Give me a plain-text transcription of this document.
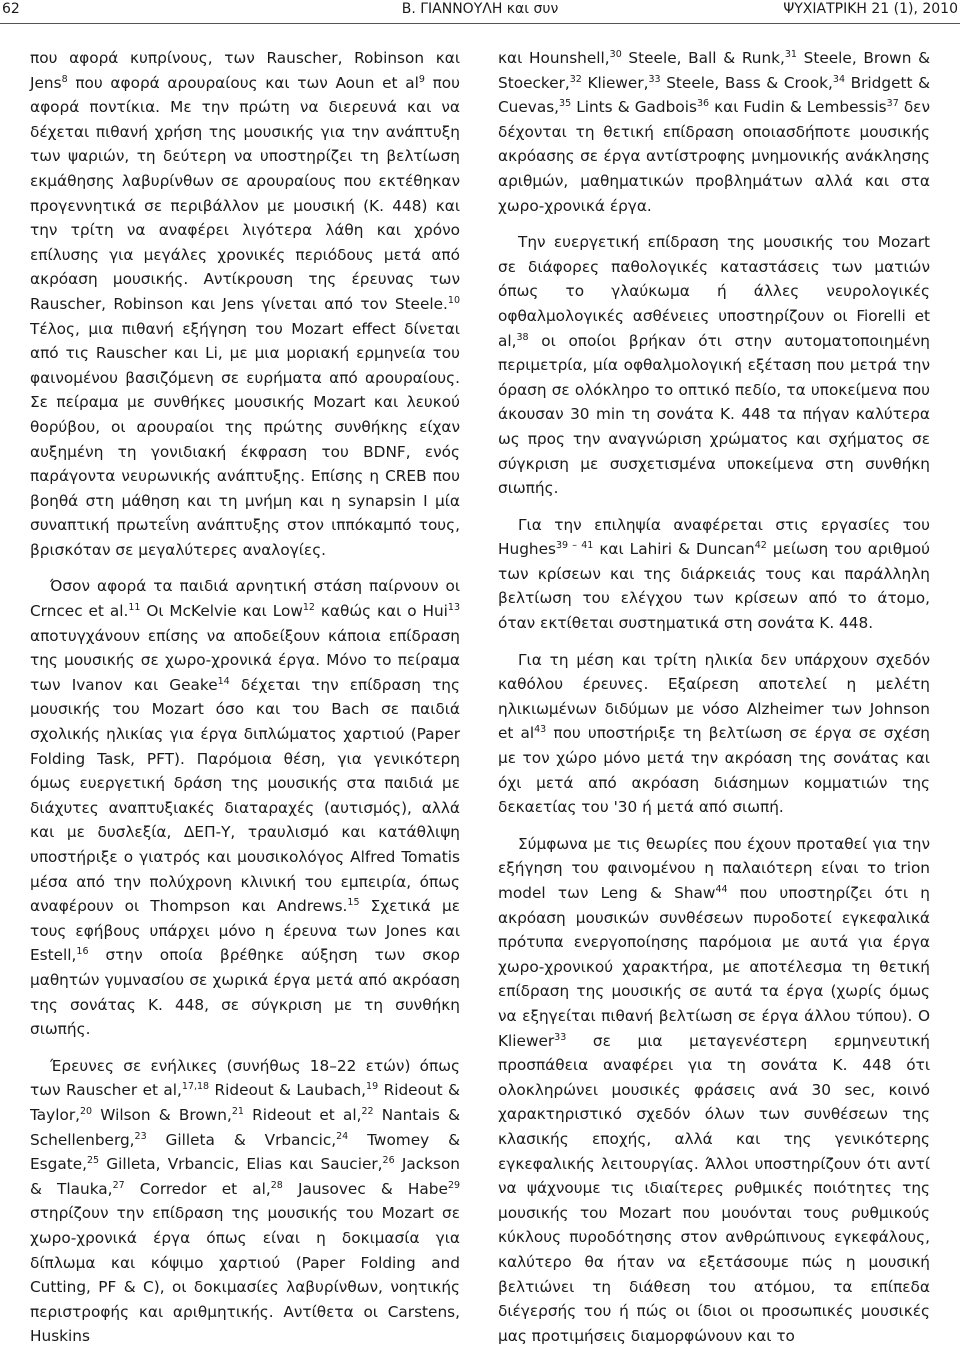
62	Β. ΓΙΑΝΝΟΥΛΗ και συν	ΨΥΧΙΑΤΡΙΚΗ 21 (1), 2010

που αφορά κυπρίνους, των Rauscher, Robinson και Jens$^8$ που αφορά αρουραίους και των Aoun et $al^9$ που αφορά ποντίκια. Με την πρώτη να διερευνά και να δέχεται πιθανή χρήση της μουσικής για την ανάπτυξη των ψαριών, τη δεύτερη να υποστηρίζει τη βελτίωση εκμάθησης λαβυρίνθων σε αρουραίους που εκτέθηκαν προγεννητικά σε περιβάλλον με μουσική (Κ. 448) και την τρίτη να αναφέρει λιγότερα λάθη και χρόνο επίλυσης για μεγάλες χρονικές περιόδους μετά από ακρόαση μουσικής. Αντίκρουση της έρευνας των Rauscher, Robinson και Jens γίνεται από τον Steele.$^{10}$ Τέλος, μια πιθανή εξήγηση του Mozart effect δίνεται από τις Rauscher και Li, με μια μοριακή ερμηνεία του φαινομένου βασιζόμενη σε ευρήματα από αρουραίους. Σε πείραμα με συνθήκες μουσικής Mozart και λευκού θορύβου, οι αρουραίοι της πρώτης συνθήκης είχαν αυξημένη τη γονιδιακή έκφραση του BDNF, ενός παράγοντα νευρωνικής ανάπτυξης. Επίσης η CREB που βοηθά στη μάθηση και τη μνήμη και η synapsin I μία συναπτική πρωτεΐνη ανάπτυξης στον ιππόκαμπό τους, βρισκόταν σε μεγαλύτερες αναλογίες.

Όσον αφορά τα παιδιά αρνητική στάση παίρνουν οι Crncec et al.$^{11}$ Οι McKelvie και Low$^{12}$ καθώς και ο Hui$^{13}$ αποτυγχάνουν επίσης να αποδείξουν κάποια επίδραση της μουσικής σε χωρο-χρονικά έργα. Μόνο το πείραμα των Ivanov και Geake$^{14}$ δέχεται την επίδραση της μουσικής του Mozart όσο και του Bach σε παιδιά σχολικής ηλικίας για έργα διπλώματος χαρτιού (Paper Folding Task, PFT). Παρόμοια θέση, για γενικότερη όμως ευεργετική δράση της μουσικής στα παιδιά με διάχυτες αναπτυξιακές διαταραχές (αυτισμός), αλλά και με δυσλεξία, ΔΕΠ-Υ, τραυλισμό και κατάθλιψη υποστήριξε ο γιατρός και μουσικολόγος Alfred Tomatis μέσα από την πολύχρονη κλινική του εμπειρία, όπως αναφέρουν οι Thompson και Andrews.$^{15}$ Σχετικά με τους εφήβους υπάρχει μόνο η έρευνα των Jones και Estell,$^{16}$ στην οποία βρέθηκε αύξηση των σκορ μαθητών γυμνασίου σε χωρικά έργα μετά από ακρόαση της σονάτας Κ. 448, σε σύγκριση με τη συνθήκη σιωπής.

Έρευνες σε ενήλικες (συνήθως 18–22 ετών) όπως των Rauscher et al,$^{17,18}$ Rideout & Laubach,$^{19}$ Rideout & Taylor,$^{20}$ Wilson & Brown,$^{21}$ Rideout et al,$^{22}$ Nantais & Schellenberg,$^{23}$ Gilleta & Vrbancic,$^{24}$ Twomey & Esgate,$^{25}$ Gilleta, Vrbancic, Elias και Saucier,$^{26}$ Jackson & Tlauka,$^{27}$ Corredor et al,$^{28}$ Jausovec & Habe$^{29}$ στηρίζουν την επίδραση της μουσικής του Mozart σε χωρο-χρονικά έργα όπως είναι η δοκιμασία για δίπλωμα και κόψιμο χαρτιού (Paper Folding and Cutting, PF & C), οι δοκιμασίες λαβυρίνθων, νοητικής περιστροφής και αριθμητικής. Αντίθετα οι Carstens, Huskins

και Hounshell,$^{30}$ Steele, Ball & Runk,$^{31}$ Steele, Brown & Stoecker,$^{32}$ Kliewer,$^{33}$ Steele, Bass & Crook,$^{34}$ Bridgett & Cuevas,$^{35}$ Lints & Gadbois$^{36}$ και Fudin & Lembessis$^{37}$ δεν δέχονται τη θετική επίδραση οποιασδήποτε μουσικής ακρόασης σε έργα αντίστροφης μνημονικής ανάκλησης αριθμών, μαθηματικών προβλημάτων αλλά και στα χωρο-χρονικά έργα.

Την ευεργετική επίδραση της μουσικής του Mozart σε διάφορες παθολογικές καταστάσεις των ματιών όπως το γλαύκωμα ή άλλες νευρολογικές οφθαλμολογικές ασθένειες υποστηρίζουν οι Fiorelli et al,$^{38}$ οι οποίοι βρήκαν ότι στην αυτοματοποιημένη περιμετρία, μία οφθαλμολογική εξέταση που μετρά την όραση σε ολόκληρο το οπτικό πεδίο, τα υποκείμενα που άκουσαν 30 min τη σονάτα Κ. 448 τα πήγαν καλύτερα ως προς την αναγνώριση χρώματος και σχήματος σε σύγκριση με συσχετισμένα υποκείμενα στη συνθήκη σιωπής.

Για την επιληψία αναφέρεται στις εργασίες του Hughes$^{39 - 41}$ και Lahiri & Duncan$^{42}$ μείωση του αριθμού των κρίσεων και της διάρκειάς τους και παράλληλη βελτίωση του ελέγχου των κρίσεων από το άτομο, όταν εκτίθεται συστηματικά στη σονάτα Κ. 448.

Για τη μέση και τρίτη ηλικία δεν υπάρχουν σχεδόν καθόλου έρευνες. Εξαίρεση αποτελεί η μελέτη ηλικιωμένων διδύμων με νόσο Alzheimer των Johnson et $al^{43}$ που υποστήριξε τη βελτίωση σε έργα σε σχέση με τον χώρο μόνο μετά την ακρόαση της σονάτας και όχι μετά από ακρόαση διάσημων κομματιών της δεκαετίας του '30 ή μετά από σιωπή.

Σύμφωνα με τις θεωρίες που έχουν προταθεί για την εξήγηση του φαινομένου η παλαιότερη είναι το trion model των Leng & Shaw$^{44}$ που υποστηρίζει ότι η ακρόαση μουσικών συνθέσεων πυροδοτεί εγκεφαλικά πρότυπα ενεργοποίησης παρόμοια με αυτά για έργα χωρο-χρονικού χαρακτήρα, με αποτέλεσμα τη θετική επίδραση της μουσικής σε αυτά τα έργα (χωρίς όμως να εξηγείται πιθανή βελτίωση σε έργα άλλου τύπου). Ο Kliewer$^{33}$ σε μια μεταγενέστερη ερμηνευτική προσπάθεια αναφέρει για τη σονάτα Κ. 448 ότι ολοκληρώνει μουσικές φράσεις ανά 30 sec, κοινό χαρακτηριστικό σχεδόν όλων των συνθέσεων της κλασικής εποχής, αλλά και της γενικότερης εγκεφαλικής λειτουργίας. Άλλοι υποστηρίζουν ότι αντί να ψάχνουμε τις ιδιαίτερες ρυθμικές ποιότητες της μουσικής του Mozart που μουόνται τους ρυθμικούς κύκλους πυροδότησης στον ανθρώπινους εγκεφάλους, καλύτερο θα ήταν να εξετάσουμε πώς η μουσική βελτιώνει τη διάθεση του ατόμου, τα επίπεδα διέγερσής του ή πώς οι ίδιοι οι προσωπικές μουσικές μας προτιμήσεις διαμορφώνουν και το
